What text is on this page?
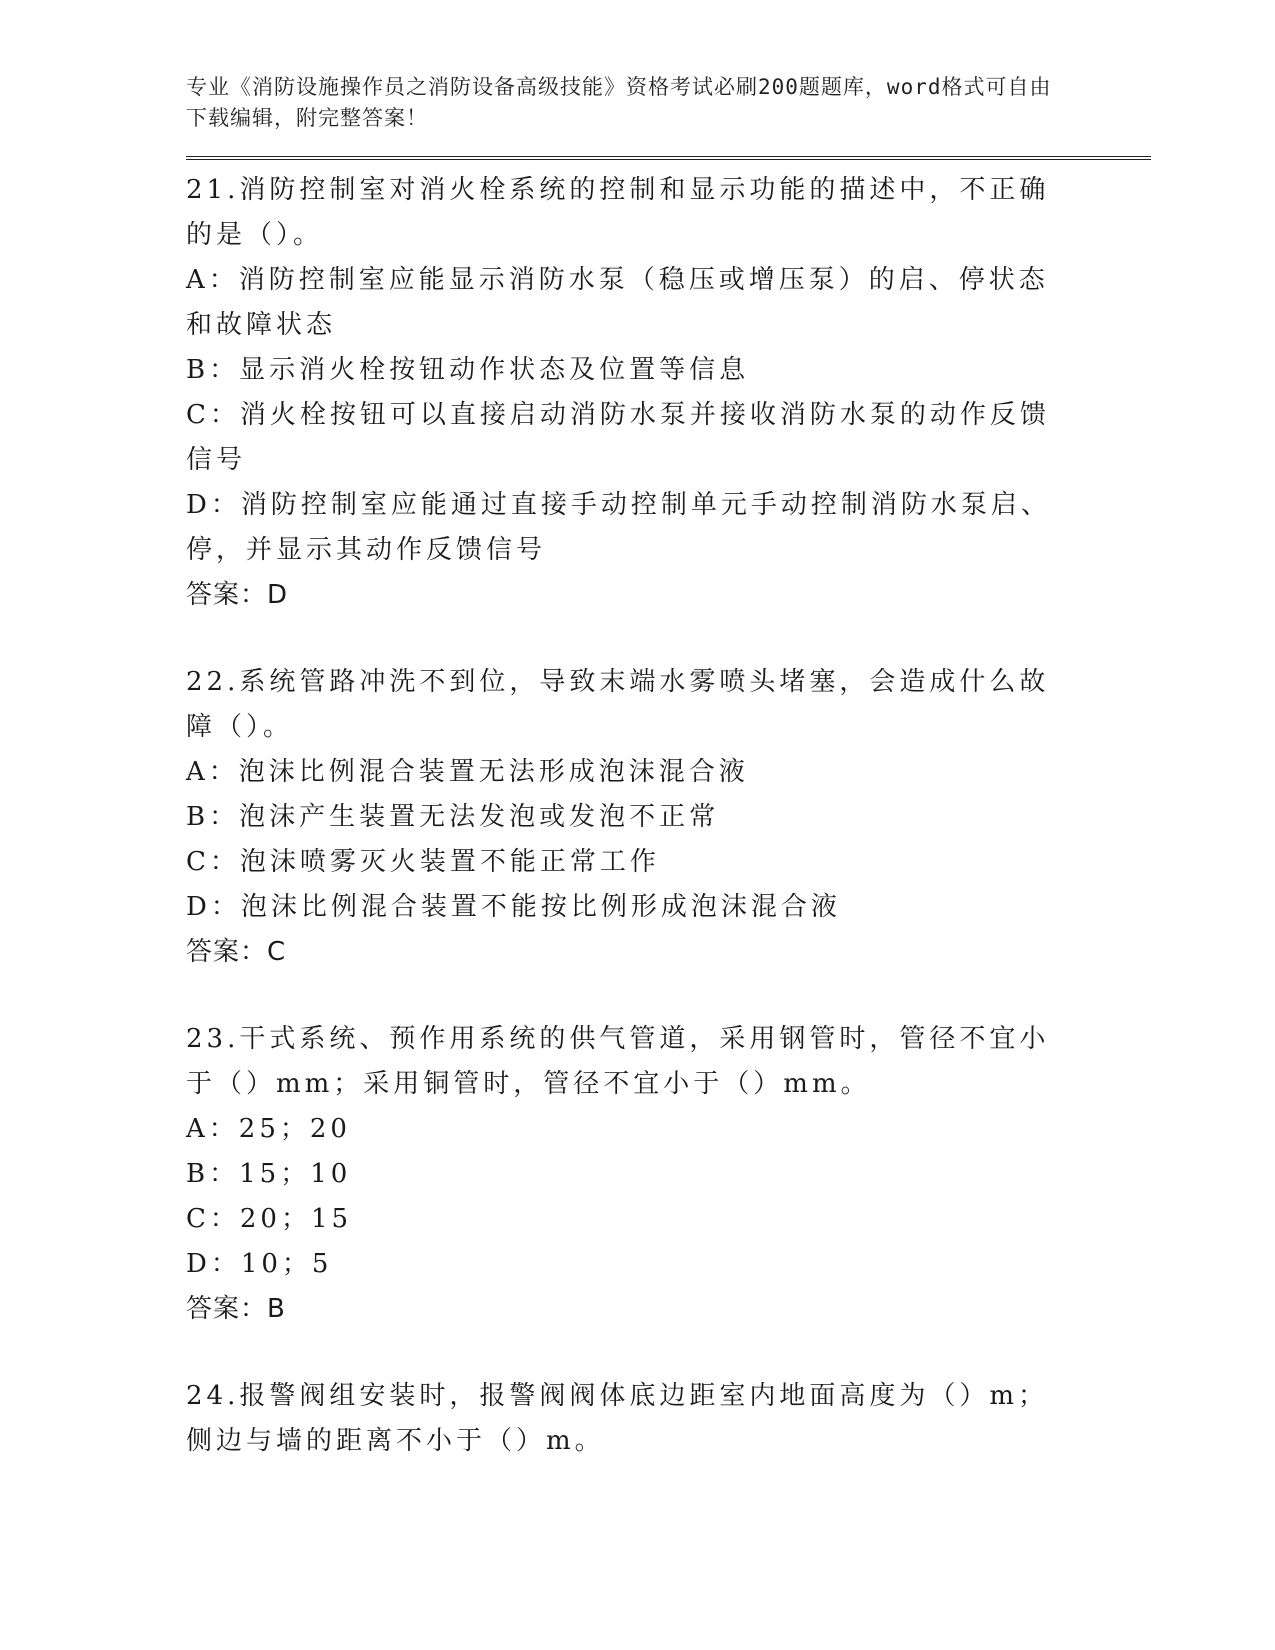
专业《消防设施操作员之消防设备高级技能》资格考试必刷200题题库，word格式可自由下载编辑，附完整答案！
21.消防控制室对消火栓系统的控制和显示功能的描述中，不正确的是（）。
A：消防控制室应能显示消防水泵（稳压或增压泵）的启、停状态和故障状态
B：显示消火栓按钮动作状态及位置等信息
C：消火栓按钮可以直接启动消防水泵并接收消防水泵的动作反馈信号
D：消防控制室应能通过直接手动控制单元手动控制消防水泵启、停，并显示其动作反馈信号
答案：D
22.系统管路冲洗不到位，导致末端水雾喷头堵塞，会造成什么故障（）。
A：泡沫比例混合装置无法形成泡沫混合液
B：泡沫产生装置无法发泡或发泡不正常
C：泡沫喷雾灭火装置不能正常工作
D：泡沫比例混合装置不能按比例形成泡沫混合液
答案：C
23.干式系统、预作用系统的供气管道，采用钢管时，管径不宜小于（）mm；采用铜管时，管径不宜小于（）mm。
A：25；20
B：15；10
C：20；15
D：10；5
答案：B
24.报警阀组安装时，报警阀阀体底边距室内地面高度为（）m；侧边与墙的距离不小于（）m。
